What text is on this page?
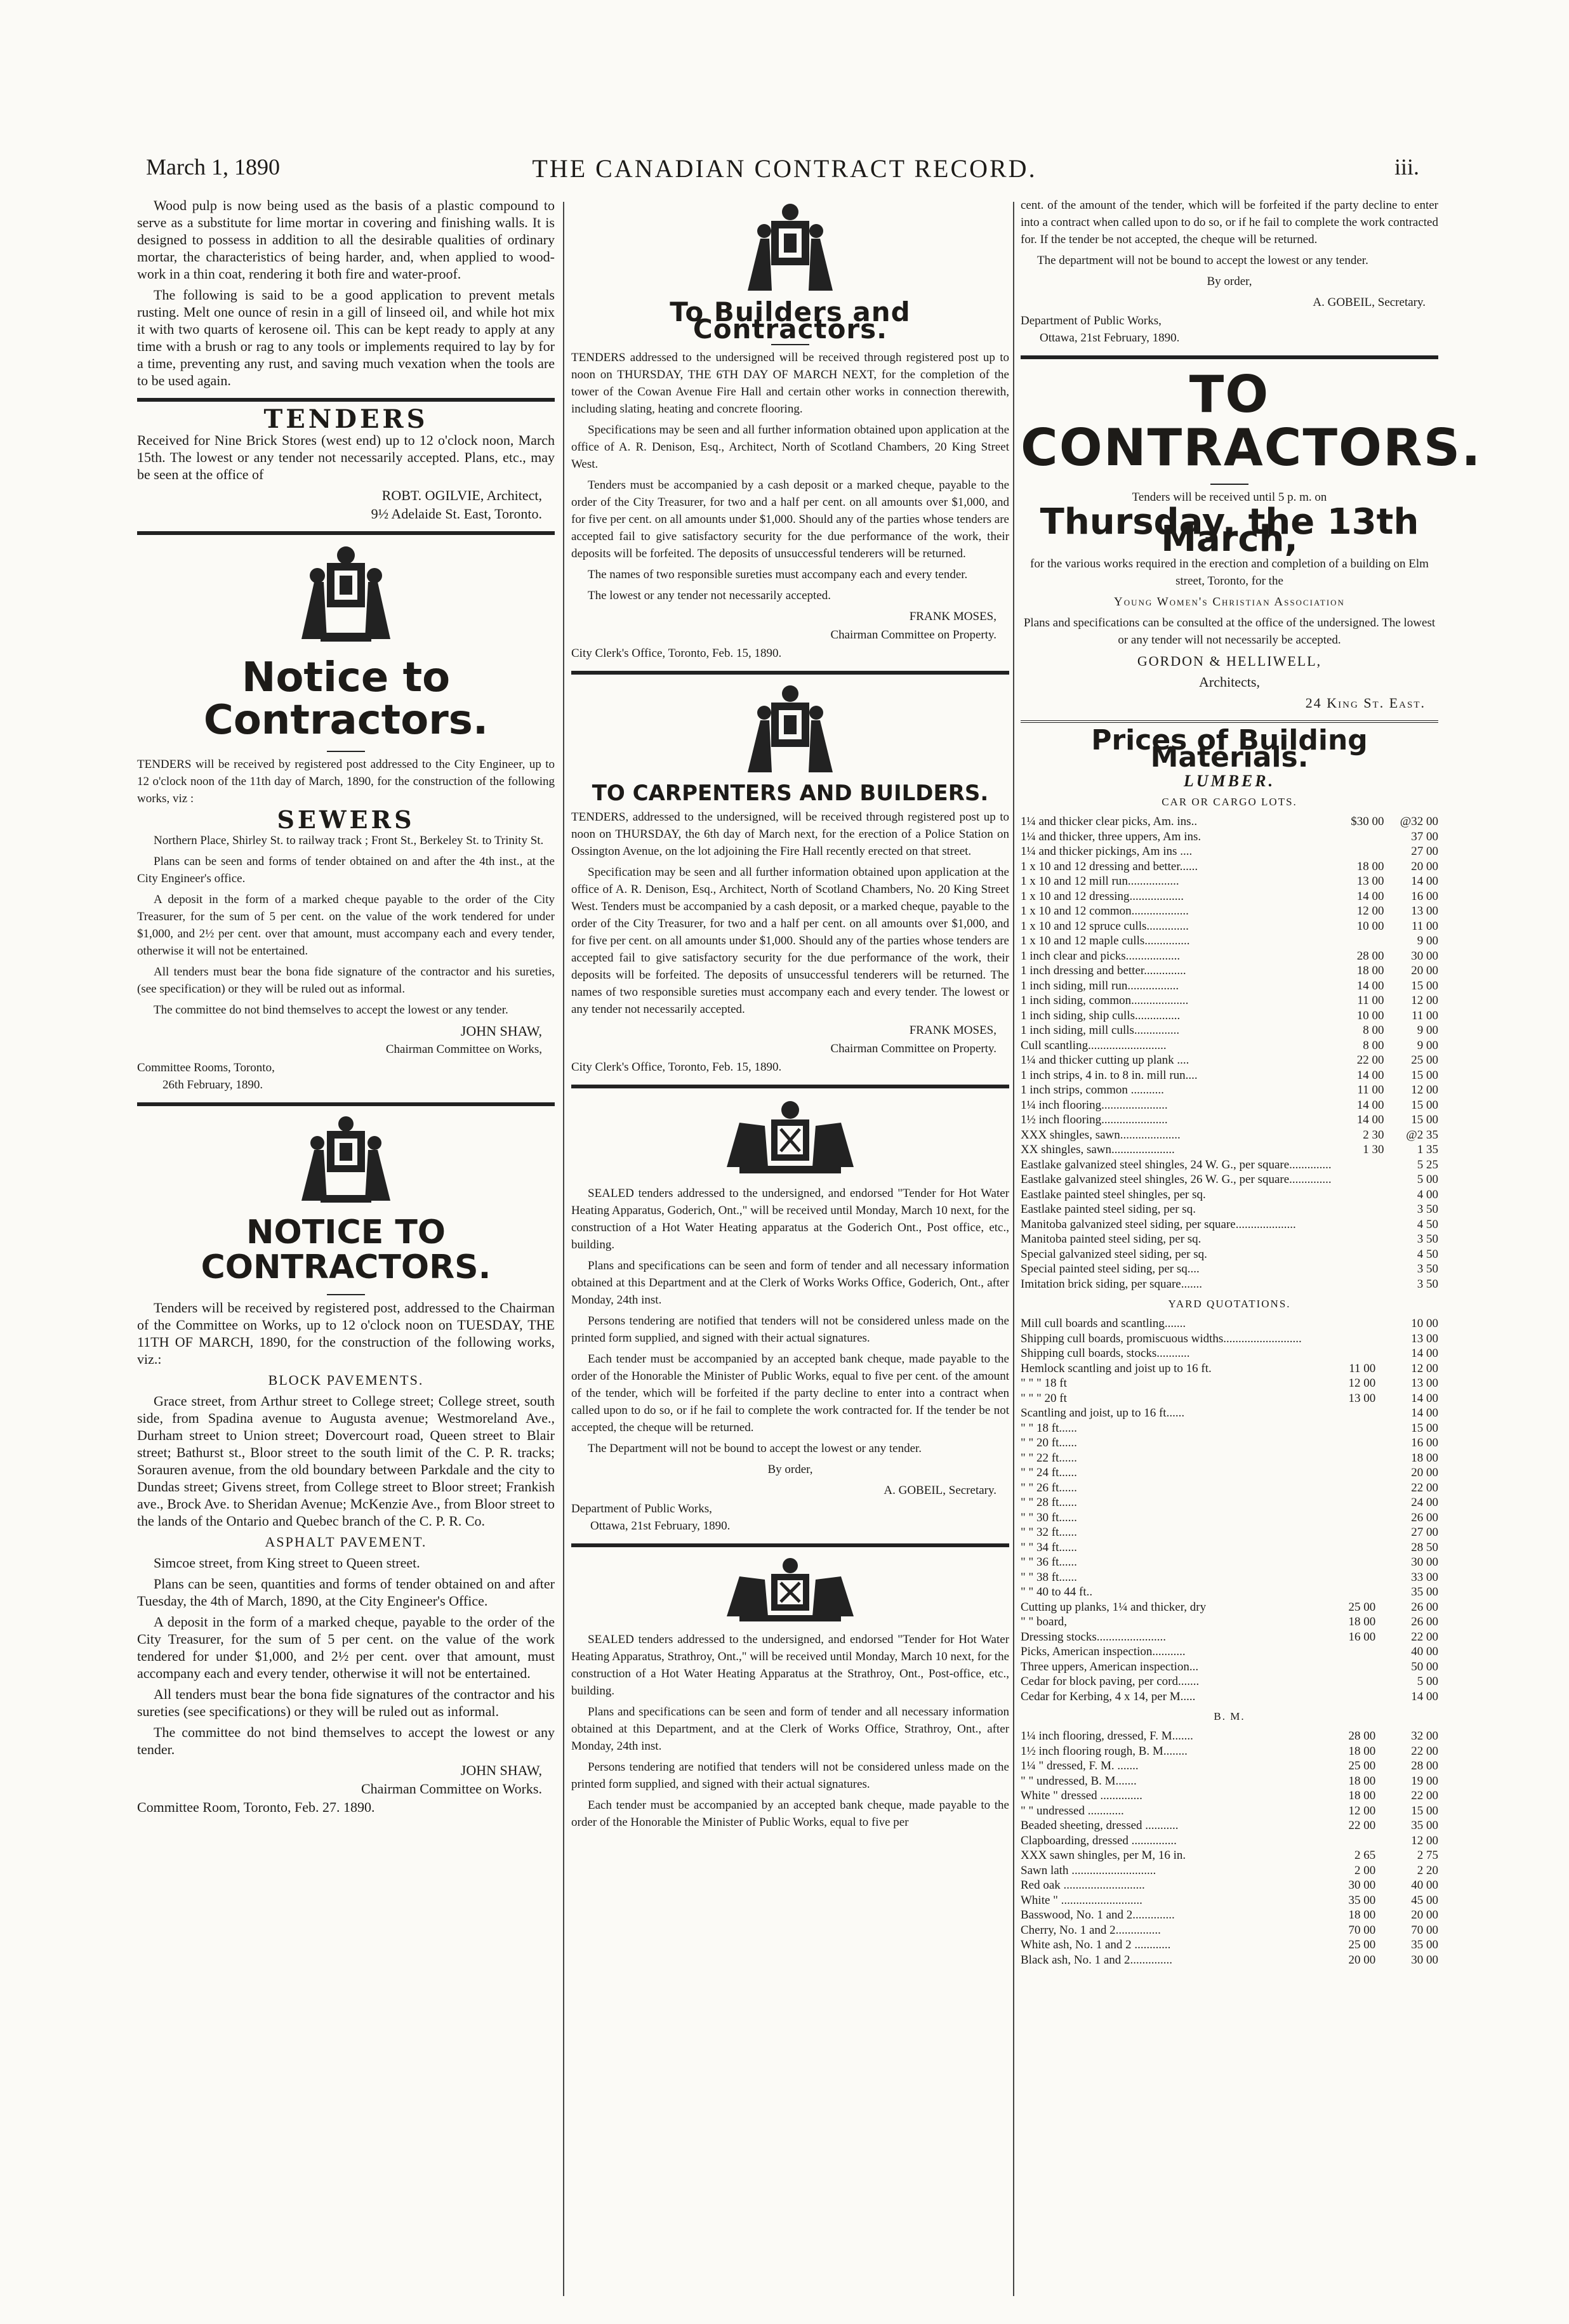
March 1, 1890	THE CANADIAN CONTRACT RECORD.	iii.

Wood pulp is now being used as the basis of a plastic compound to serve as a substitute for lime mortar in covering and finishing walls. It is designed to possess in addition to all the desirable qualities of ordinary mortar, the characteristics of being harder, and, when applied to wood-work in a thin coat, rendering it both fire and water-proof.

The following is said to be a good application to prevent metals rusting. Melt one ounce of resin in a gill of linseed oil, and while hot mix it with two quarts of kerosene oil. This can be kept ready to apply at any time with a brush or rag to any tools or implements required to lay by for a time, preventing any rust, and saving much vexation when the tools are to be used again.

TENDERS

Received for Nine Brick Stores (west end) up to 12 o'clock noon, March 15th. The lowest or any tender not necessarily accepted. Plans, etc., may be seen at the office of

ROBT. OGILVIE, Architect,

9½ Adelaide St. East, Toronto.

Notice to Contractors.

TENDERS will be received by registered post addressed to the City Engineer, up to 12 o'clock noon of the 11th day of March, 1890, for the construction of the following works, viz :

SEWERS

Northern Place, Shirley St. to railway track ; Front St., Berkeley St. to Trinity St.

Plans can be seen and forms of tender obtained on and after the 4th inst., at the City Engineer's office.

A deposit in the form of a marked cheque payable to the order of the City Treasurer, for the sum of 5 per cent. on the value of the work tendered for under $1,000, and 2½ per cent. over that amount, must accompany each and every tender, otherwise it will not be entertained.

All tenders must bear the bona fide signature of the contractor and his sureties, (see specification) or they will be ruled out as informal.

The committee do not bind themselves to accept the lowest or any tender.

JOHN SHAW,

Chairman Committee on Works,

Committee Rooms, Toronto,

26th February, 1890.

NOTICE TO CONTRACTORS.

Tenders will be received by registered post, addressed to the Chairman of the Committee on Works, up to 12 o'clock noon on TUESDAY, THE 11TH OF MARCH, 1890, for the construction of the following works, viz.:

BLOCK PAVEMENTS.

Grace street, from Arthur street to College street; College street, south side, from Spadina avenue to Augusta avenue; Westmoreland Ave., Durham street to Union street; Dovercourt road, Queen street to Blair street; Bathurst st., Bloor street to the south limit of the C. P. R. tracks; Sorauren avenue, from the old boundary between Parkdale and the city to Dundas street; Givens street, from College street to Bloor street; Frankish ave., Brock Ave. to Sheridan Avenue; McKenzie Ave., from Bloor street to the lands of the Ontario and Quebec branch of the C. P. R. Co.

ASPHALT PAVEMENT.

Simcoe street, from King street to Queen street.

Plans can be seen, quantities and forms of tender obtained on and after Tuesday, the 4th of March, 1890, at the City Engineer's Office.

A deposit in the form of a marked cheque, payable to the order of the City Treasurer, for the sum of 5 per cent. on the value of the work tendered for under $1,000, and 2½ per cent. over that amount, must accompany each and every tender, otherwise it will not be entertained.

All tenders must bear the bona fide signatures of the contractor and his sureties (see specifications) or they will be ruled out as informal.

The committee do not bind themselves to accept the lowest or any tender.

JOHN SHAW,

Chairman Committee on Works.

Committee Room, Toronto, Feb. 27. 1890.

To Builders and Contractors.

TENDERS addressed to the undersigned will be received through registered post up to noon on THURSDAY, THE 6TH DAY OF MARCH NEXT, for the completion of the tower of the Cowan Avenue Fire Hall and certain other works in connection therewith, including slating, heating and concrete flooring.

Specifications may be seen and all further information obtained upon application at the office of A. R. Denison, Esq., Architect, North of Scotland Chambers, 20 King Street West.

Tenders must be accompanied by a cash deposit or a marked cheque, payable to the order of the City Treasurer, for two and a half per cent. on all amounts over $1,000, and for five per cent. on all amounts under $1,000. Should any of the parties whose tenders are accepted fail to give satisfactory security for the due performance of the work, their deposits will be forfeited. The deposits of unsuccessful tenderers will be returned.

The names of two responsible sureties must accompany each and every tender.

The lowest or any tender not necessarily accepted.

FRANK MOSES,

Chairman Committee on Property.

City Clerk's Office, Toronto, Feb. 15, 1890.

TO CARPENTERS AND BUILDERS.

TENDERS, addressed to the undersigned, will be received through registered post up to noon on THURSDAY, the 6th day of March next, for the erection of a Police Station on Ossington Avenue, on the lot adjoining the Fire Hall recently erected on that street.

Specification may be seen and all further information obtained upon application at the office of A. R. Denison, Esq., Architect, North of Scotland Chambers, No. 20 King Street West. Tenders must be accompanied by a cash deposit, or a marked cheque, payable to the order of the City Treasurer, for two and a half per cent. on all amounts over $1,000, and for five per cent. on all amounts under $1,000. Should any of the parties whose tenders are accepted fail to give satisfactory security for the due performance of the work, their deposits will be forfeited. The deposits of unsuccessful tenderers will be returned. The names of two responsible sureties must accompany each and every tender. The lowest or any tender not necessarily accepted.

FRANK MOSES,

Chairman Committee on Property.

City Clerk's Office, Toronto, Feb. 15, 1890.

SEALED tenders addressed to the undersigned, and endorsed "Tender for Hot Water Heating Apparatus, Goderich, Ont.," will be received until Monday, March 10 next, for the construction of a Hot Water Heating apparatus at the Goderich Ont., Post office, etc., building.

Plans and specifications can be seen and form of tender and all necessary information obtained at this Department and at the Clerk of Works Works Office, Goderich, Ont., after Monday, 24th inst.

Persons tendering are notified that tenders will not be considered unless made on the printed form supplied, and signed with their actual signatures.

Each tender must be accompanied by an accepted bank cheque, made payable to the order of the Honorable the Minister of Public Works, equal to five per cent. of the amount of the tender, which will be forfeited if the party decline to enter into a contract when called upon to do so, or if he fail to complete the work contracted for. If the tender be not accepted, the cheque will be returned.

The Department will not be bound to accept the lowest or any tender.

By order,

A. GOBEIL, Secretary.

Department of Public Works,

Ottawa, 21st February, 1890.

SEALED tenders addressed to the undersigned, and endorsed "Tender for Hot Water Heating Apparatus, Strathroy, Ont.," will be received until Monday, March 10 next, for the construction of a Hot Water Heating Apparatus at the Strathroy, Ont., Post-office, etc., building.

Plans and specifications can be seen and form of tender and all necessary information obtained at this Department, and at the Clerk of Works Office, Strathroy, Ont., after Monday, 24th inst.

Persons tendering are notified that tenders will not be considered unless made on the printed form supplied, and signed with their actual signatures.

Each tender must be accompanied by an accepted bank cheque, made payable to the order of the Honorable the Minister of Public Works, equal to five per

cent. of the amount of the tender, which will be forfeited if the party decline to enter into a contract when called upon to do so, or if he fail to complete the work contracted for. If the tender be not accepted, the cheque will be returned.

The department will not be bound to accept the lowest or any tender.

By order,

A. GOBEIL, Secretary.

Department of Public Works,

Ottawa, 21st February, 1890.

TO CONTRACTORS.

Tenders will be received until 5 p. m. on

Thursday, the 13th March,

for the various works required in the erection and completion of a building on Elm street, Toronto, for the

Young Women's Christian Association

Plans and specifications can be consulted at the office of the undersigned. The lowest or any tender will not necessarily be accepted.

GORDON & HELLIWELL,

Architects,

24 King St. East.

Prices of Building Materials.
LUMBER.
CAR OR CARGO LOTS.
1¼ and thicker clear picks, Am. ins..	$30 00	@32 00
1¼ and thicker, three uppers, Am ins.		37 00
1¼ and thicker pickings, Am ins ....		27 00
1 x 10 and 12 dressing and better......	18 00	20 00
1 x 10 and 12 mill run.................	13 00	14 00
1 x 10 and 12 dressing..................	14 00	16 00
1 x 10 and 12 common...................	12 00	13 00
1 x 10 and 12 spruce culls..............	10 00	11 00
1 x 10 and 12 maple culls...............		9 00
1 inch clear and picks..................	28 00	30 00
1 inch dressing and better..............	18 00	20 00
1 inch siding, mill run.................	14 00	15 00
1 inch siding, common...................	11 00	12 00
1 inch siding, ship culls...............	10 00	11 00
1 inch siding, mill culls...............	8 00	9 00
Cull scantling..........................	8 00	9 00
1¼ and thicker cutting up plank ....	22 00	25 00
1 inch strips, 4 in. to 8 in. mill run....	14 00	15 00
1 inch strips, common ...........	11 00	12 00
1¼ inch flooring......................	14 00	15 00
1½ inch flooring......................	14 00	15 00
XXX shingles, sawn....................	2 30	@2 35
XX shingles, sawn.....................	1 30	1 35
Eastlake galvanized steel shingles, 24 W. G., per square..............		5 25
Eastlake galvanized steel shingles, 26 W. G., per square..............		5 00
Eastlake painted steel shingles, per sq.		4 00
Eastlake painted steel siding, per sq.		3 50
Manitoba galvanized steel siding, per square....................		4 50
Manitoba painted steel siding, per sq.		3 50
Special galvanized steel siding, per sq.		4 50
Special painted steel siding, per sq....		3 50
Imitation brick siding, per square.......		3 50
YARD QUOTATIONS.
Mill cull boards and scantling.......		10 00
Shipping cull boards, promiscuous widths..........................		13 00
Shipping cull boards, stocks...........		14 00
Hemlock scantling and joist up to 16 ft.	11 00	12 00
" " " 18 ft	12 00	13 00
" " " 20 ft	13 00	14 00
Scantling and joist, up to 16 ft......		14 00
" " 18 ft......		15 00
" " 20 ft......		16 00
" " 22 ft......		18 00
" " 24 ft......		20 00
" " 26 ft......		22 00
" " 28 ft......		24 00
" " 30 ft......		26 00
" " 32 ft......		27 00
" " 34 ft......		28 50
" " 36 ft......		30 00
" " 38 ft......		33 00
" " 40 to 44 ft..		35 00
Cutting up planks, 1¼ and thicker, dry	25 00	26 00
" " board,	18 00	26 00
Dressing stocks.......................	16 00	22 00
Picks, American inspection...........		40 00
Three uppers, American inspection...		50 00
Cedar for block paving, per cord.......		5 00
Cedar for Kerbing, 4 x 14, per M.....		14 00
B. M.
1¼ inch flooring, dressed, F. M.......	28 00	32 00
1½ inch flooring rough, B. M........	18 00	22 00
1¼ " dressed, F. M. .......	25 00	28 00
" " undressed, B. M.......	18 00	19 00
White " dressed ..............	18 00	22 00
" " undressed ............	12 00	15 00
Beaded sheeting, dressed ...........	22 00	35 00
Clapboarding, dressed ...............		12 00
XXX sawn shingles, per M, 16 in.	2 65	2 75
Sawn lath ............................	2 00	2 20
Red oak ...........................	30 00	40 00
White " ...........................	35 00	45 00
Basswood, No. 1 and 2..............	18 00	20 00
Cherry, No. 1 and 2...............	70 00	70 00
White ash, No. 1 and 2 ............	25 00	35 00
Black ash, No. 1 and 2..............	20 00	30 00
